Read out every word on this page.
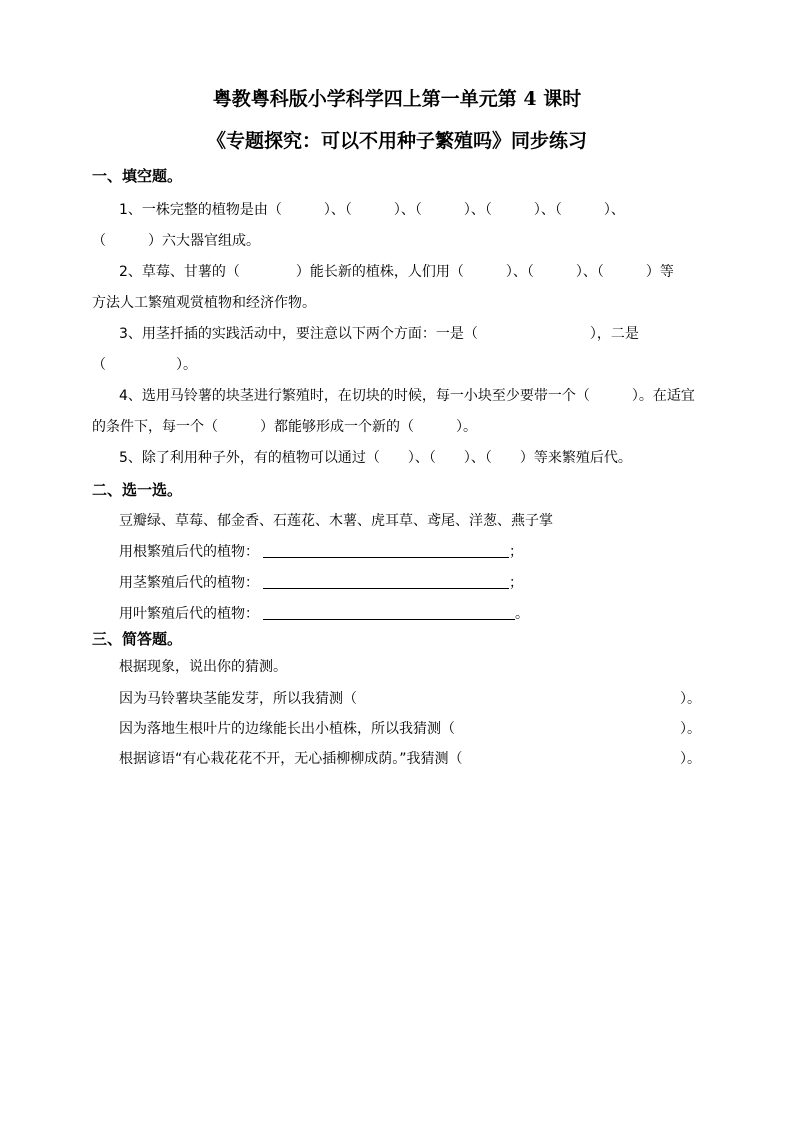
粤教粤科版小学科学四上第一单元第 4 课时
《专题探究：可以不用种子繁殖吗》同步练习
一、填空题。
1、一株完整的植物是由（　　　）、（　　　）、（　　　）、（　　　）、（　　　）、
（　　　）六大器官组成。
2、草莓、甘薯的（　　　　）能长新的植株，人们用（　　　）、（　　　）、（　　　）等
方法人工繁殖观赏植物和经济作物。
3、用茎扦插的实践活动中，要注意以下两个方面：一是（　　　　　　　　），二是
（　　　　　）。
4、选用马铃薯的块茎进行繁殖时，在切块的时候，每一小块至少要带一个（　　　）。在适宜
的条件下，每一个（　　　）都能够形成一个新的（　　　）。
5、除了利用种子外，有的植物可以通过（　　）、（　　）、（　　）等来繁殖后代。
二、选一选。
豆瓣绿、草莓、郁金香、石莲花、木薯、虎耳草、鸢尾、洋葱、燕子掌
用根繁殖后代的植物：	；
用茎繁殖后代的植物：	；
用叶繁殖后代的植物：	。
三、简答题。
根据现象，说出你的猜测。
因为马铃薯块茎能发芽，所以我猜测（	）。
因为落地生根叶片的边缘能长出小植株，所以我猜测（	）。
根据谚语“有心栽花花不开，无心插柳柳成荫。”我猜测（	）。
